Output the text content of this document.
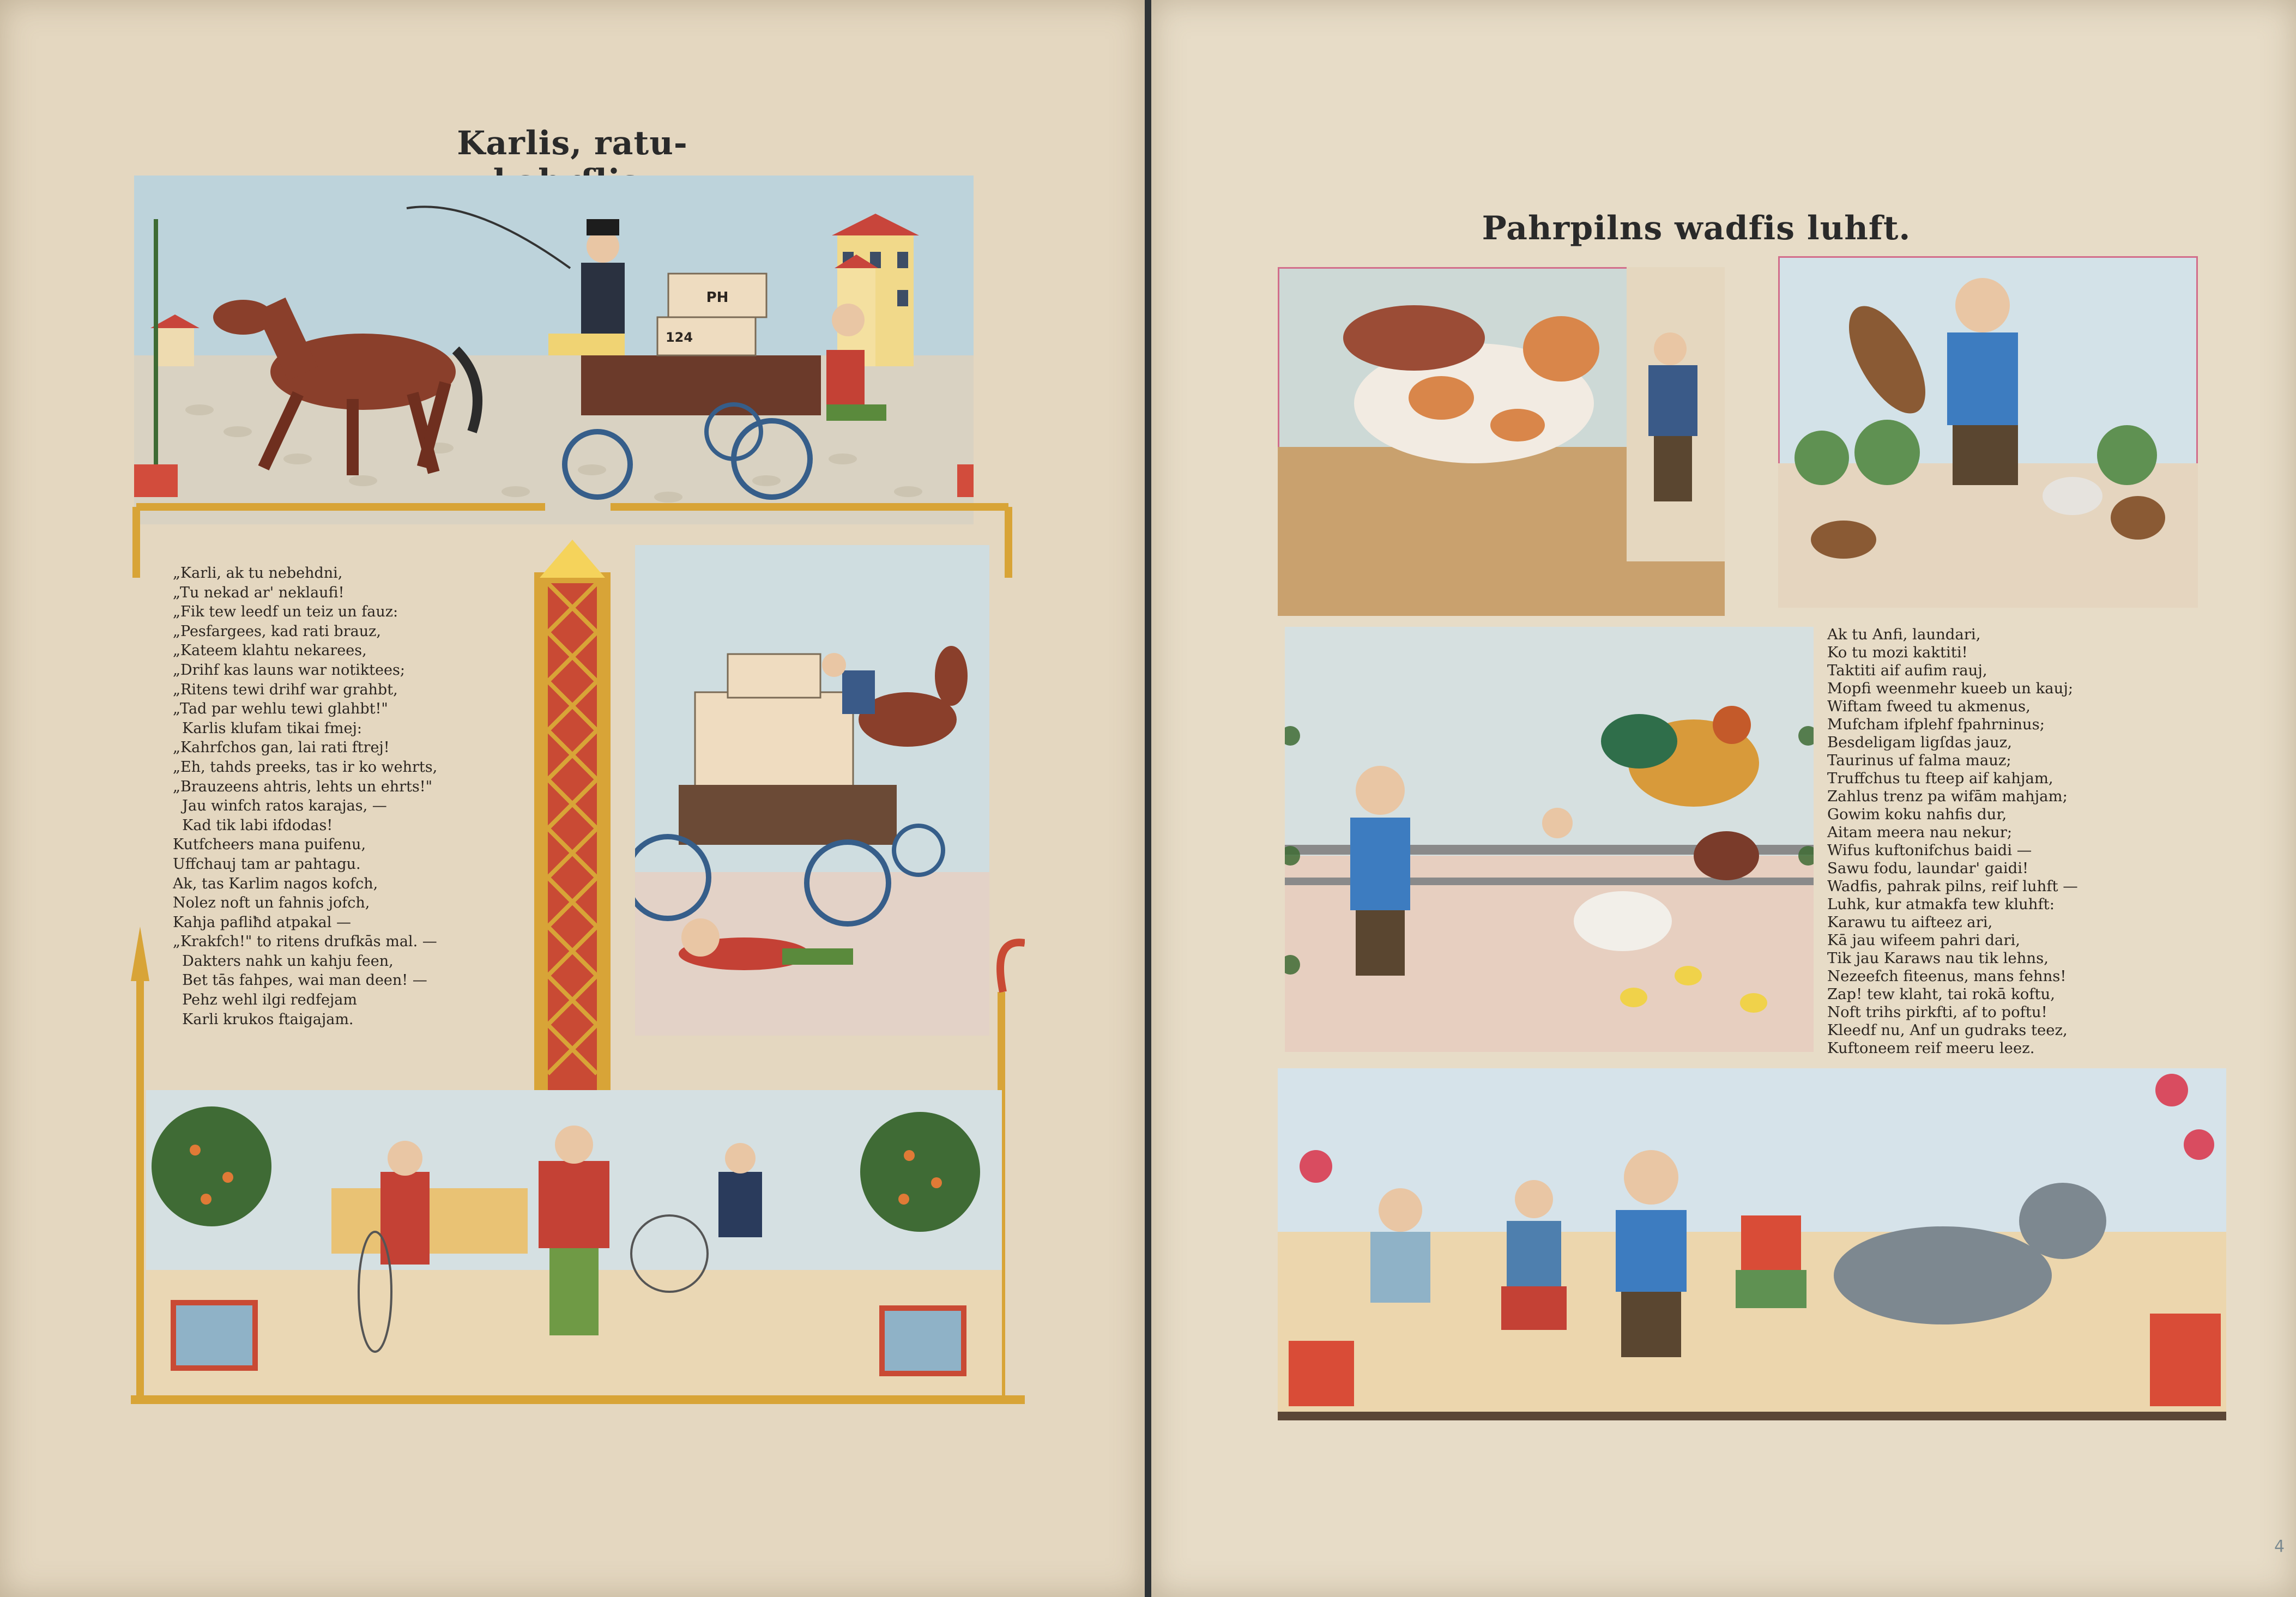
Karlis, ratu-
PH
124
„Karli, ak tu nebehdni,
„Tu nekad ar' neklaufi!
„Fik tew leedf un teiz un fauz:
„Pesfargees, kad rati brauz,
„Kateem klahtu nekarees,
„Drihf kas launs war notiktees;
„Ritens tewi drihf war grahbt,
„Tad par wehlu tewi glahbt!"
Karlis klufam tikai fmej:
„Kahrfchos gan, lai rati ftrej!
„Eh, tahds preeks, tas ir ko wehrts,
„Brauzeens ahtris, lehts un ehrts!"
Jau winfch ratos karajas, —
Kad tik labi ifdodas!
Kutfcheers mana puifenu,
Uffchauj tam ar pahtagu.
Ak, tas Karlim nagos kofch,
Nolez noft un fahnis jofch,
Kahja pafliħd atpakal —
„Krakfch!" to ritens drufkās mal. —
Dakters nahk un kahju feen,
Bet tās fahpes, wai man deen! —
Pehz wehl ilgi redfejam
Karli krukos ftaigajam.
Pahrpilns wadfis luhft.
Ak tu Anfi, laundari,
Ko tu mozi kaktiti!
Taktiti aif aufim rauj,
Mopfi weenmehr kueeb un kauj;
Wiftam fweed tu akmenus,
Mufcham ifplehf fpahrninus;
Besdeligam ligſdas jauz,
Taurinus uf falma mauz;
Truffchus tu fteep aif kahjam,
Zahlus trenz pa wifām mahjam;
Gowim koku nahfis dur,
Aitam meera nau nekur;
Wifus kuftonifchus baidi —
Sawu fodu, laundar' gaidi!
Wadfis, pahrak pilns, reif luhft —
Luhk, kur atmakfa tew kluhft:
Karawu tu aifteez ari,
Kā jau wifeem pahri dari,
Tik jau Karaws nau tik lehns,
Nezeefch fiteenus, mans fehns!
Zap! tew klaht, tai rokā koftu,
Noft trihs pirkfti, af to poftu!
Kleedf nu, Anf un gudraks teez,
Kuftoneem reif meeru leez.
4
